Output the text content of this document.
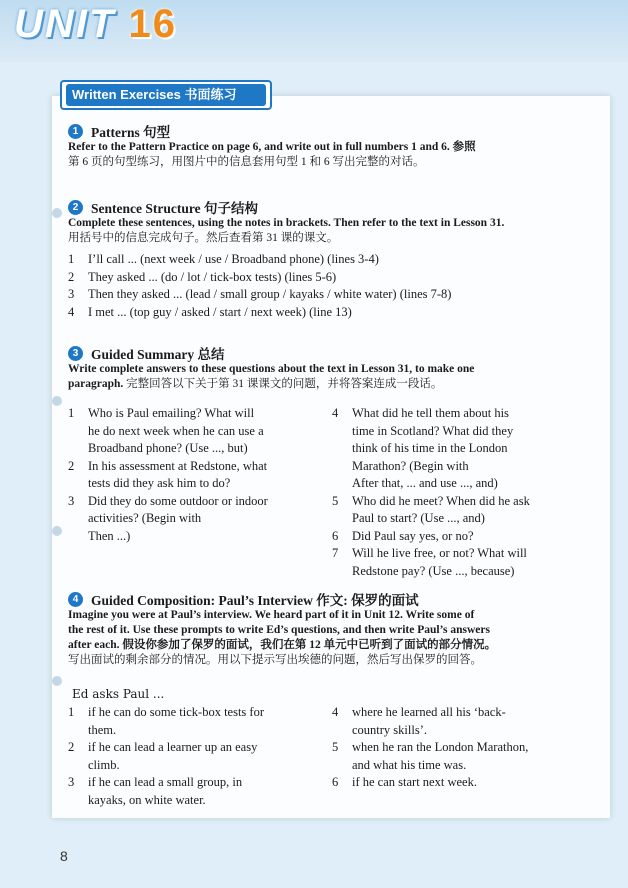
UNIT 16
Written Exercises 书面练习
1 Patterns 句型
Refer to the Pattern Practice on page 6, and write out in full numbers 1 and 6. 参照
第 6 页的句型练习，用图片中的信息套用句型 1 和 6 写出完整的对话。
2 Sentence Structure 句子结构
Complete these sentences, using the notes in brackets. Then refer to the text in Lesson 31.
用括号中的信息完成句子。然后查看第 31 课的课文。
1	I’ll call ... (next week / use / Broadband phone) (lines 3-4)
2	They asked ... (do / lot / tick-box tests) (lines 5-6)
3	Then they asked ... (lead / small group / kayaks / white water) (lines 7-8)
4	I met ... (top guy / asked / start / next week) (line 13)
3 Guided Summary 总结
Write complete answers to these questions about the text in Lesson 31, to make one
paragraph. 完整回答以下关于第 31 课课文的问题，并将答案连成一段话。
1	Who is Paul emailing? What will
he do next week when he can use a
Broadband phone? (Use ..., but)
2	In his assessment at Redstone, what
tests did they ask him to do?
3	Did they do some outdoor or indoor
activities? (Begin with
Then ...)
4	What did he tell them about his
time in Scotland? What did they
think of his time in the London
Marathon? (Begin with
After that, ... and use ..., and)
5	Who did he meet? When did he ask
Paul to start? (Use ..., and)
6	Did Paul say yes, or no?
7	Will he live free, or not? What will
Redstone pay? (Use ..., because)
4 Guided Composition: Paul’s Interview 作文: 保罗的面试
Imagine you were at Paul’s interview. We heard part of it in Unit 12. Write some of
the rest of it. Use these prompts to write Ed’s questions, and then write Paul’s answers
after each. 假设你参加了保罗的面试，我们在第 12 单元中已听到了面试的部分情况。
写出面试的剩余部分的情况。用以下提示写出埃德的问题，然后写出保罗的回答。
Ed asks Paul ...
1	if he can do some tick-box tests for
them.
2	if he can lead a learner up an easy
climb.
3	if he can lead a small group, in
kayaks, on white water.
4	where he learned all his ‘back-
country skills’.
5	when he ran the London Marathon,
and what his time was.
6	if he can start next week.
8
